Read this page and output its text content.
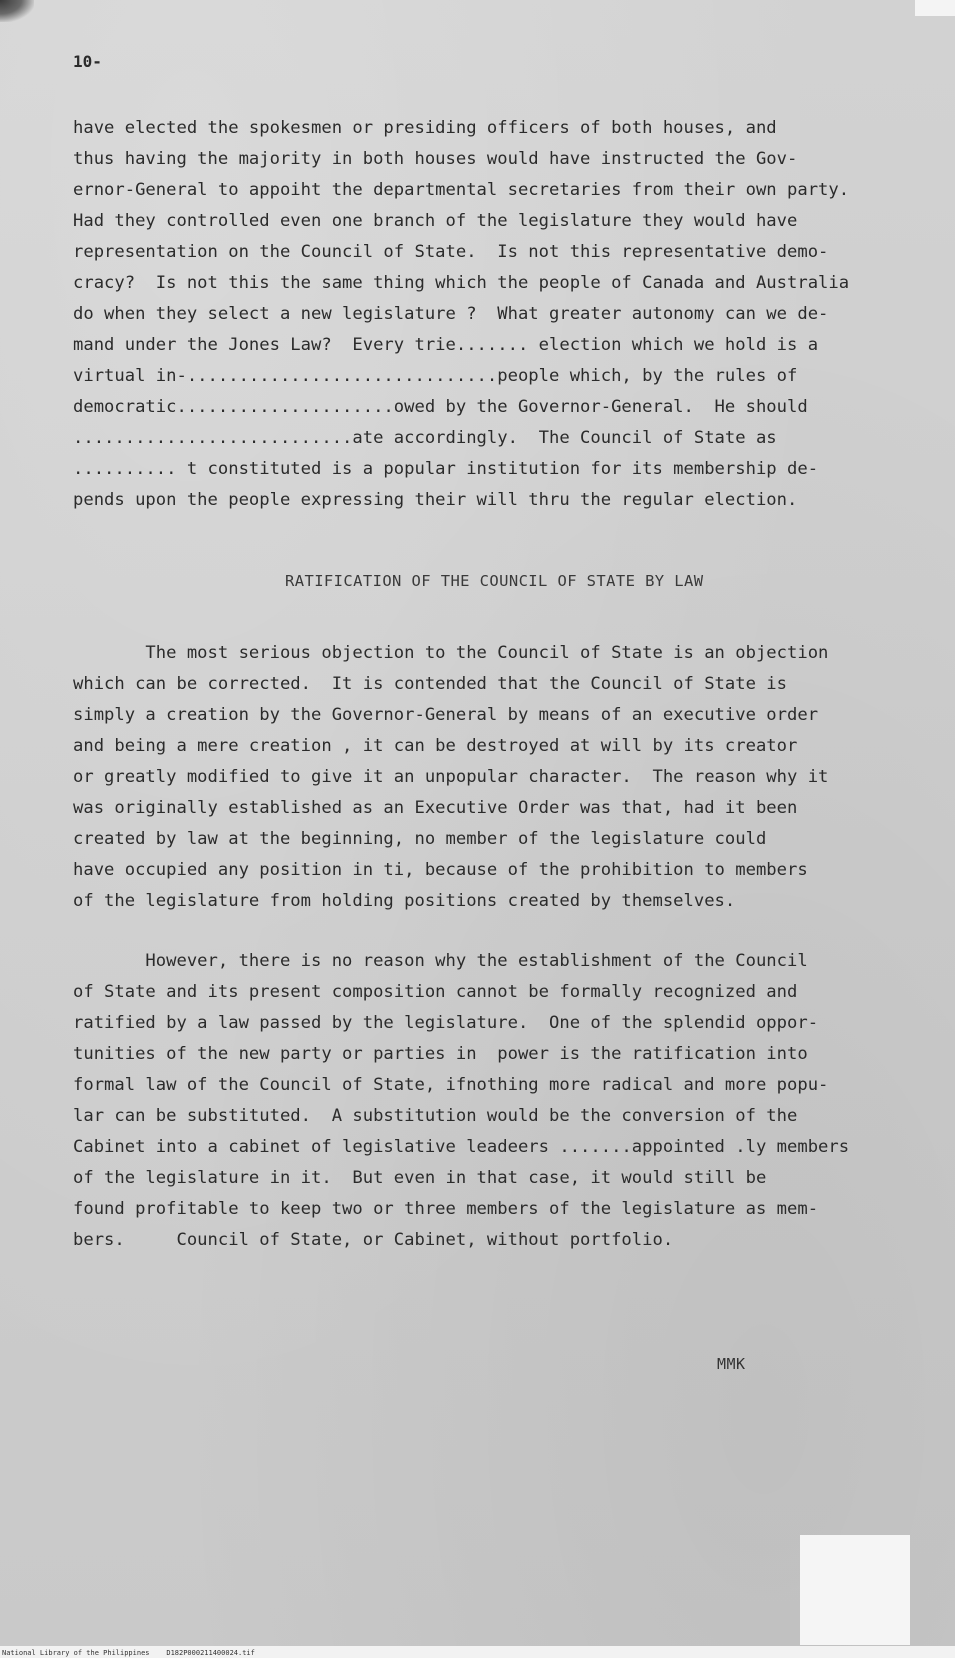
10-
have elected the spokesmen or presiding officers of both houses, and
thus having the majority in both houses would have instructed the Gov-
ernor-General to appoiht the departmental secretaries from their own party.
Had they controlled even one branch of the legislature they would have
representation on the Council of State.  Is not this representative demo-
cracy?  Is not this the same thing which the people of Canada and Australia
do when they select a new legislature ?  What greater autonomy can we de-
mand under the Jones Law?  Every trie....... election which we hold is a
virtual in-..............................people which, by the rules of
democratic.....................owed by the Governor-General.  He should
...........................ate accordingly.  The Council of State as
.......... t constituted is a popular institution for its membership de-
pends upon the people expressing their will thru the regular election.
RATIFICATION OF THE COUNCIL OF STATE BY LAW
The most serious objection to the Council of State is an objection
which can be corrected.  It is contended that the Council of State is
simply a creation by the Governor-General by means of an executive order
and being a mere creation , it can be destroyed at will by its creator
or greatly modified to give it an unpopular character.  The reason why it
was originally established as an Executive Order was that, had it been
created by law at the beginning, no member of the legislature could
have occupied any position in ti, because of the prohibition to members
of the legislature from holding positions created by themselves.
However, there is no reason why the establishment of the Council
of State and its present composition cannot be formally recognized and
ratified by a law passed by the legislature.  One of the splendid oppor-
tunities of the new party or parties in  power is the ratification into
formal law of the Council of State, ifnothing more radical and more popu-
lar can be substituted.  A substitution would be the conversion of the
Cabinet into a cabinet of legislative leadeers .......appointed .ly members
of the legislature in it.  But even in that case, it would still be
found profitable to keep two or three members of the legislature as mem-
bers.     Council of State, or Cabinet, without portfolio.
MMK
National Library of the Philippines    D182P000211400024.tif
